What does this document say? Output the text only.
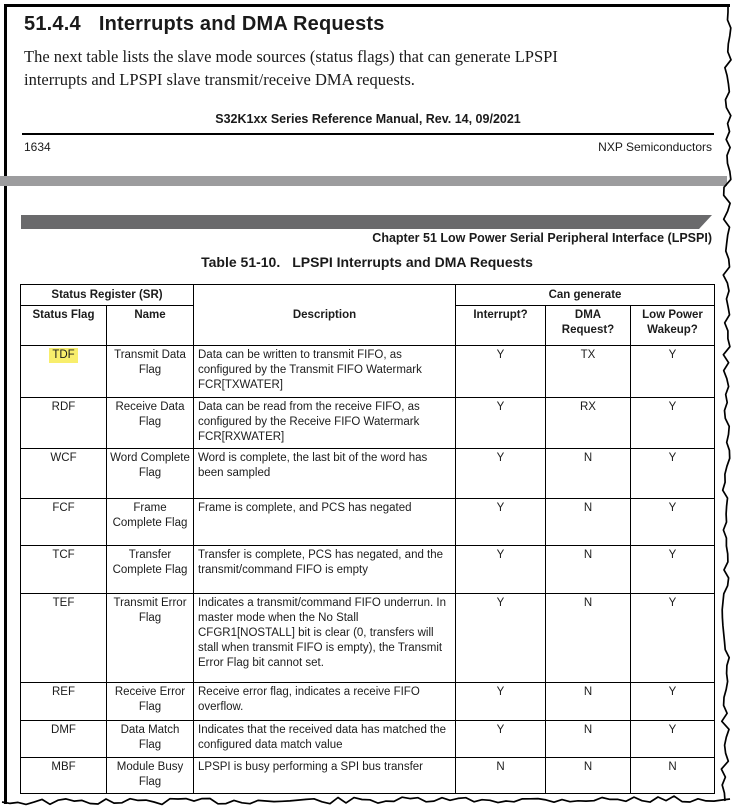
51.4.4 Interrupts and DMA Requests
The next table lists the slave mode sources (status flags) that can generate LPSPI
interrupts and LPSPI slave transmit/receive DMA requests.
S32K1xx Series Reference Manual, Rev. 14, 09/2021
1634	NXP Semiconductors
Chapter 51 Low Power Serial Peripheral Interface (LPSPI)
Table 51-10. LPSPI Interrupts and DMA Requests
Status Register (SR)		Description	Can generate		
Status Flag	Name		Interrupt?	DMA Request?	Low Power Wakeup?
TDF	Transmit Data Flag	Data can be written to transmit FIFO, as configured by the Transmit FIFO Watermark FCR[TXWATER]	Y	TX	Y
RDF	Receive Data Flag	Data can be read from the receive FIFO, as configured by the Receive FIFO Watermark FCR[RXWATER]	Y	RX	Y
WCF	Word Complete Flag	Word is complete, the last bit of the word has been sampled	Y	N	Y
FCF	Frame Complete Flag	Frame is complete, and PCS has negated	Y	N	Y
TCF	Transfer Complete Flag	Transfer is complete, PCS has negated, and the transmit/command FIFO is empty	Y	N	Y
TEF	Transmit Error Flag	Indicates a transmit/command FIFO underrun. In master mode when the No Stall CFGR1[NOSTALL] bit is clear (0, transfers will stall when transmit FIFO is empty), the Transmit Error Flag bit cannot set.	Y	N	Y
REF	Receive Error Flag	Receive error flag, indicates a receive FIFO overflow.	Y	N	Y
DMF	Data Match Flag	Indicates that the received data has matched the configured data match value	Y	N	Y
MBF	Module Busy Flag	LPSPI is busy performing a SPI bus transfer	N	N	N
